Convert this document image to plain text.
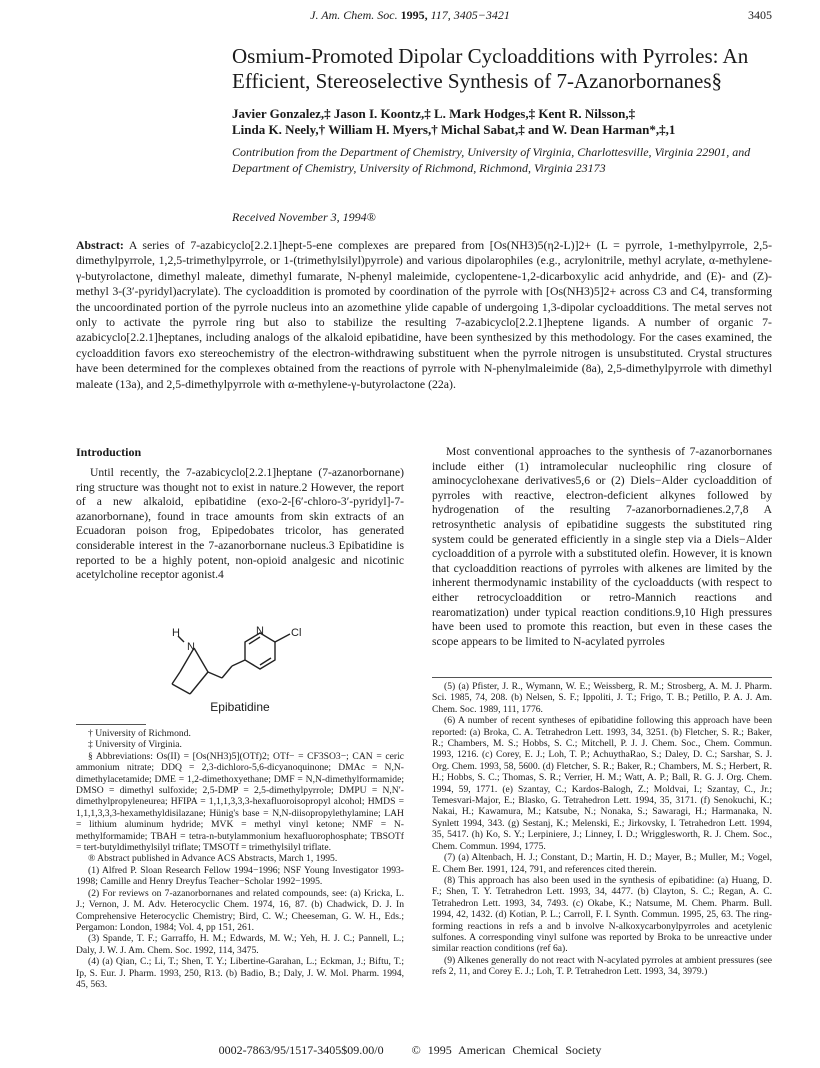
J. Am. Chem. Soc. 1995, 117, 3405−3421	3405
Osmium-Promoted Dipolar Cycloadditions with Pyrroles: An Efficient, Stereoselective Synthesis of 7-Azanorbornanes§
Javier Gonzalez,‡ Jason I. Koontz,‡ L. Mark Hodges,‡ Kent R. Nilsson,‡
Linda K. Neely,† William H. Myers,† Michal Sabat,‡ and W. Dean Harman*,‡,1
Contribution from the Department of Chemistry, University of Virginia, Charlottesville, Virginia 22901, and Department of Chemistry, University of Richmond, Richmond, Virginia 23173
Received November 3, 1994®
Abstract: A series of 7-azabicyclo[2.2.1]hept-5-ene complexes are prepared from [Os(NH3)5(η2-L)]2+ (L = pyrrole, 1-methylpyrrole, 2,5-dimethylpyrrole, 1,2,5-trimethylpyrrole, or 1-(trimethylsilyl)pyrrole) and various dipolarophiles (e.g., acrylonitrile, methyl acrylate, α-methylene-γ-butyrolactone, dimethyl maleate, dimethyl fumarate, N-phenyl maleimide, cyclopentene-1,2-dicarboxylic acid anhydride, and (E)- and (Z)- methyl 3-(3′-pyridyl)acrylate). The cycloaddition is promoted by coordination of the pyrrole with [Os(NH3)5]2+ across C3 and C4, transforming the uncoordinated portion of the pyrrole nucleus into an azomethine ylide capable of undergoing 1,3-dipolar cycloadditions. The metal serves not only to activate the pyrrole ring but also to stabilize the resulting 7-azabicyclo[2.2.1]heptene ligands. A number of organic 7-azabicyclo[2.2.1]heptanes, including analogs of the alkaloid epibatidine, have been synthesized by this methodology. For the cases examined, the cycloaddition favors exo stereochemistry of the electron-withdrawing substituent when the pyrrole nitrogen is unsubstituted. Crystal structures have been determined for the complexes obtained from the reactions of pyrrole with N-phenylmaleimide (8a), 2,5-dimethylpyrrole with dimethyl maleate (13a), and 2,5-dimethylpyrrole with α-methylene-γ-butyrolactone (22a).
Introduction
Until recently, the 7-azabicyclo[2.2.1]heptane (7-azanorbornane) ring structure was thought not to exist in nature.2 However, the report of a new alkaloid, epibatidine (exo-2-[6′-chloro-3′-pyridyl]-7-azanorbornane), found in trace amounts from skin extracts of an Ecuadoran poison frog, Epipedobates tricolor, has generated considerable interest in the 7-azanorbornane nucleus.3 Epibatidine is reported to be a highly potent, non-opioid analgesic and nicotinic acetylcholine receptor agonist.4
H
N
N Cl
Epibatidine

† University of Richmond.

‡ University of Virginia.

§ Abbreviations: Os(II) = [Os(NH3)5](OTf)2; OTf− = CF3SO3−; CAN = ceric ammonium nitrate; DDQ = 2,3-dichloro-5,6-dicyanoquinone; DMAc = N,N-dimethylacetamide; DME = 1,2-dimethoxyethane; DMF = N,N-dimethylformamide; DMSO = dimethyl sulfoxide; 2,5-DMP = 2,5-dimethylpyrrole; DMPU = N,N′-dimethylpropyleneurea; HFIPA = 1,1,1,3,3,3-hexafluoroisopropyl alcohol; HMDS = 1,1,1,3,3,3-hexamethyldisilazane; Hünig's base = N,N-diisopropylethylamine; LAH = lithium aluminum hydride; MVK = methyl vinyl ketone; NMF = N-methylformamide; TBAH = tetra-n-butylammonium hexafluorophosphate; TBSOTf = tert-butyldimethylsilyl triflate; TMSOTf = trimethylsilyl triflate.

® Abstract published in Advance ACS Abstracts, March 1, 1995.

(1) Alfred P. Sloan Research Fellow 1994−1996; NSF Young Investigator 1993-1998; Camille and Henry Dreyfus Teacher−Scholar 1992−1995.

(2) For reviews on 7-azanorbornanes and related compounds, see: (a) Kricka, L. J.; Vernon, J. M. Adv. Heterocyclic Chem. 1974, 16, 87. (b) Chadwick, D. J. In Comprehensive Heterocyclic Chemistry; Bird, C. W.; Cheeseman, G. W. H., Eds.; Pergamon: London, 1984; Vol. 4, pp 151, 261.

(3) Spande, T. F.; Garraffo, H. M.; Edwards, M. W.; Yeh, H. J. C.; Pannell, L.; Daly, J. W. J. Am. Chem. Soc. 1992, 114, 3475.

(4) (a) Qian, C.; Li, T.; Shen, T. Y.; Libertine-Garahan, L.; Eckman, J.; Biftu, T.; Ip, S. Eur. J. Pharm. 1993, 250, R13. (b) Badio, B.; Daly, J. W. Mol. Pharm. 1994, 45, 563.

Most conventional approaches to the synthesis of 7-azanorbornanes include either (1) intramolecular nucleophilic ring closure of aminocyclohexane derivatives5,6 or (2) Diels−Alder cycloaddition of pyrroles with reactive, electron-deficient alkynes followed by hydrogenation of the resulting 7-azanorbornadienes.2,7,8 A retrosynthetic analysis of epibatidine suggests the substituted ring system could be generated efficiently in a single step via a Diels−Alder cycloaddition of a pyrrole with a substituted olefin. However, it is known that cycloaddition reactions of pyrroles with alkenes are limited by the inherent thermodynamic instability of the cycloadducts (with respect to either retrocycloaddition or retro-Mannich reactions and rearomatization) under typical reaction conditions.9,10 High pressures have been used to promote this reaction, but even in these cases the scope appears to be limited to N-acylated pyrroles

(5) (a) Pfister, J. R., Wymann, W. E.; Weissberg, R. M.; Strosberg, A. M. J. Pharm. Sci. 1985, 74, 208. (b) Nelsen, S. F.; Ippoliti, J. T.; Frigo, T. B.; Petillo, P. A. J. Am. Chem. Soc. 1989, 111, 1776.

(6) A number of recent syntheses of epibatidine following this approach have been reported: (a) Broka, C. A. Tetrahedron Lett. 1993, 34, 3251. (b) Fletcher, S. R.; Baker, R.; Chambers, M. S.; Hobbs, S. C.; Mitchell, P. J. J. Chem. Soc., Chem. Commun. 1993, 1216. (c) Corey, E. J.; Loh, T. P.; AchuythaRao, S.; Daley, D. C.; Sarshar, S. J. Org. Chem. 1993, 58, 5600. (d) Fletcher, S. R.; Baker, R.; Chambers, M. S.; Herbert, R. H.; Hobbs, S. C.; Thomas, S. R.; Verrier, H. M.; Watt, A. P.; Ball, R. G. J. Org. Chem. 1994, 59, 1771. (e) Szantay, C.; Kardos-Balogh, Z.; Moldvai, I.; Szantay, C., Jr.; Temesvari-Major, E.; Blasko, G. Tetrahedron Lett. 1994, 35, 3171. (f) Senokuchi, K.; Nakai, H.; Kawamura, M.; Katsube, N.; Nonaka, S.; Sawaragi, H.; Harmanaka, N. Synlett 1994, 343. (g) Sestanj, K.; Melenski, E.; Jirkovsky, I. Tetrahedron Lett. 1994, 35, 5417. (h) Ko, S. Y.; Lerpiniere, J.; Linney, I. D.; Wrigglesworth, R. J. Chem. Soc., Chem. Commun. 1994, 1775.

(7) (a) Altenbach, H. J.; Constant, D.; Martin, H. D.; Mayer, B.; Muller, M.; Vogel, E. Chem Ber. 1991, 124, 791, and references cited therein.

(8) This approach has also been used in the synthesis of epibatidine: (a) Huang, D. F.; Shen, T. Y. Tetrahedron Lett. 1993, 34, 4477. (b) Clayton, S. C.; Regan, A. C. Tetrahedron Lett. 1993, 34, 7493. (c) Okabe, K.; Natsume, M. Chem. Pharm. Bull. 1994, 42, 1432. (d) Kotian, P. L.; Carroll, F. I. Synth. Commun. 1995, 25, 63. The ring-forming reactions in refs a and b involve N-alkoxycarbonylpyrroles and acetylenic sulfones. A corresponding vinyl sulfone was reported by Broka to be unreactive under similar reaction conditions (ref 6a).

(9) Alkenes generally do not react with N-acylated pyrroles at ambient pressures (see refs 2, 11, and Corey E. J.; Loh, T. P. Tetrahedron Lett. 1993, 34, 3979.)

0002-7863/95/1517-3405$09.00/0 © 1995 American Chemical Society
